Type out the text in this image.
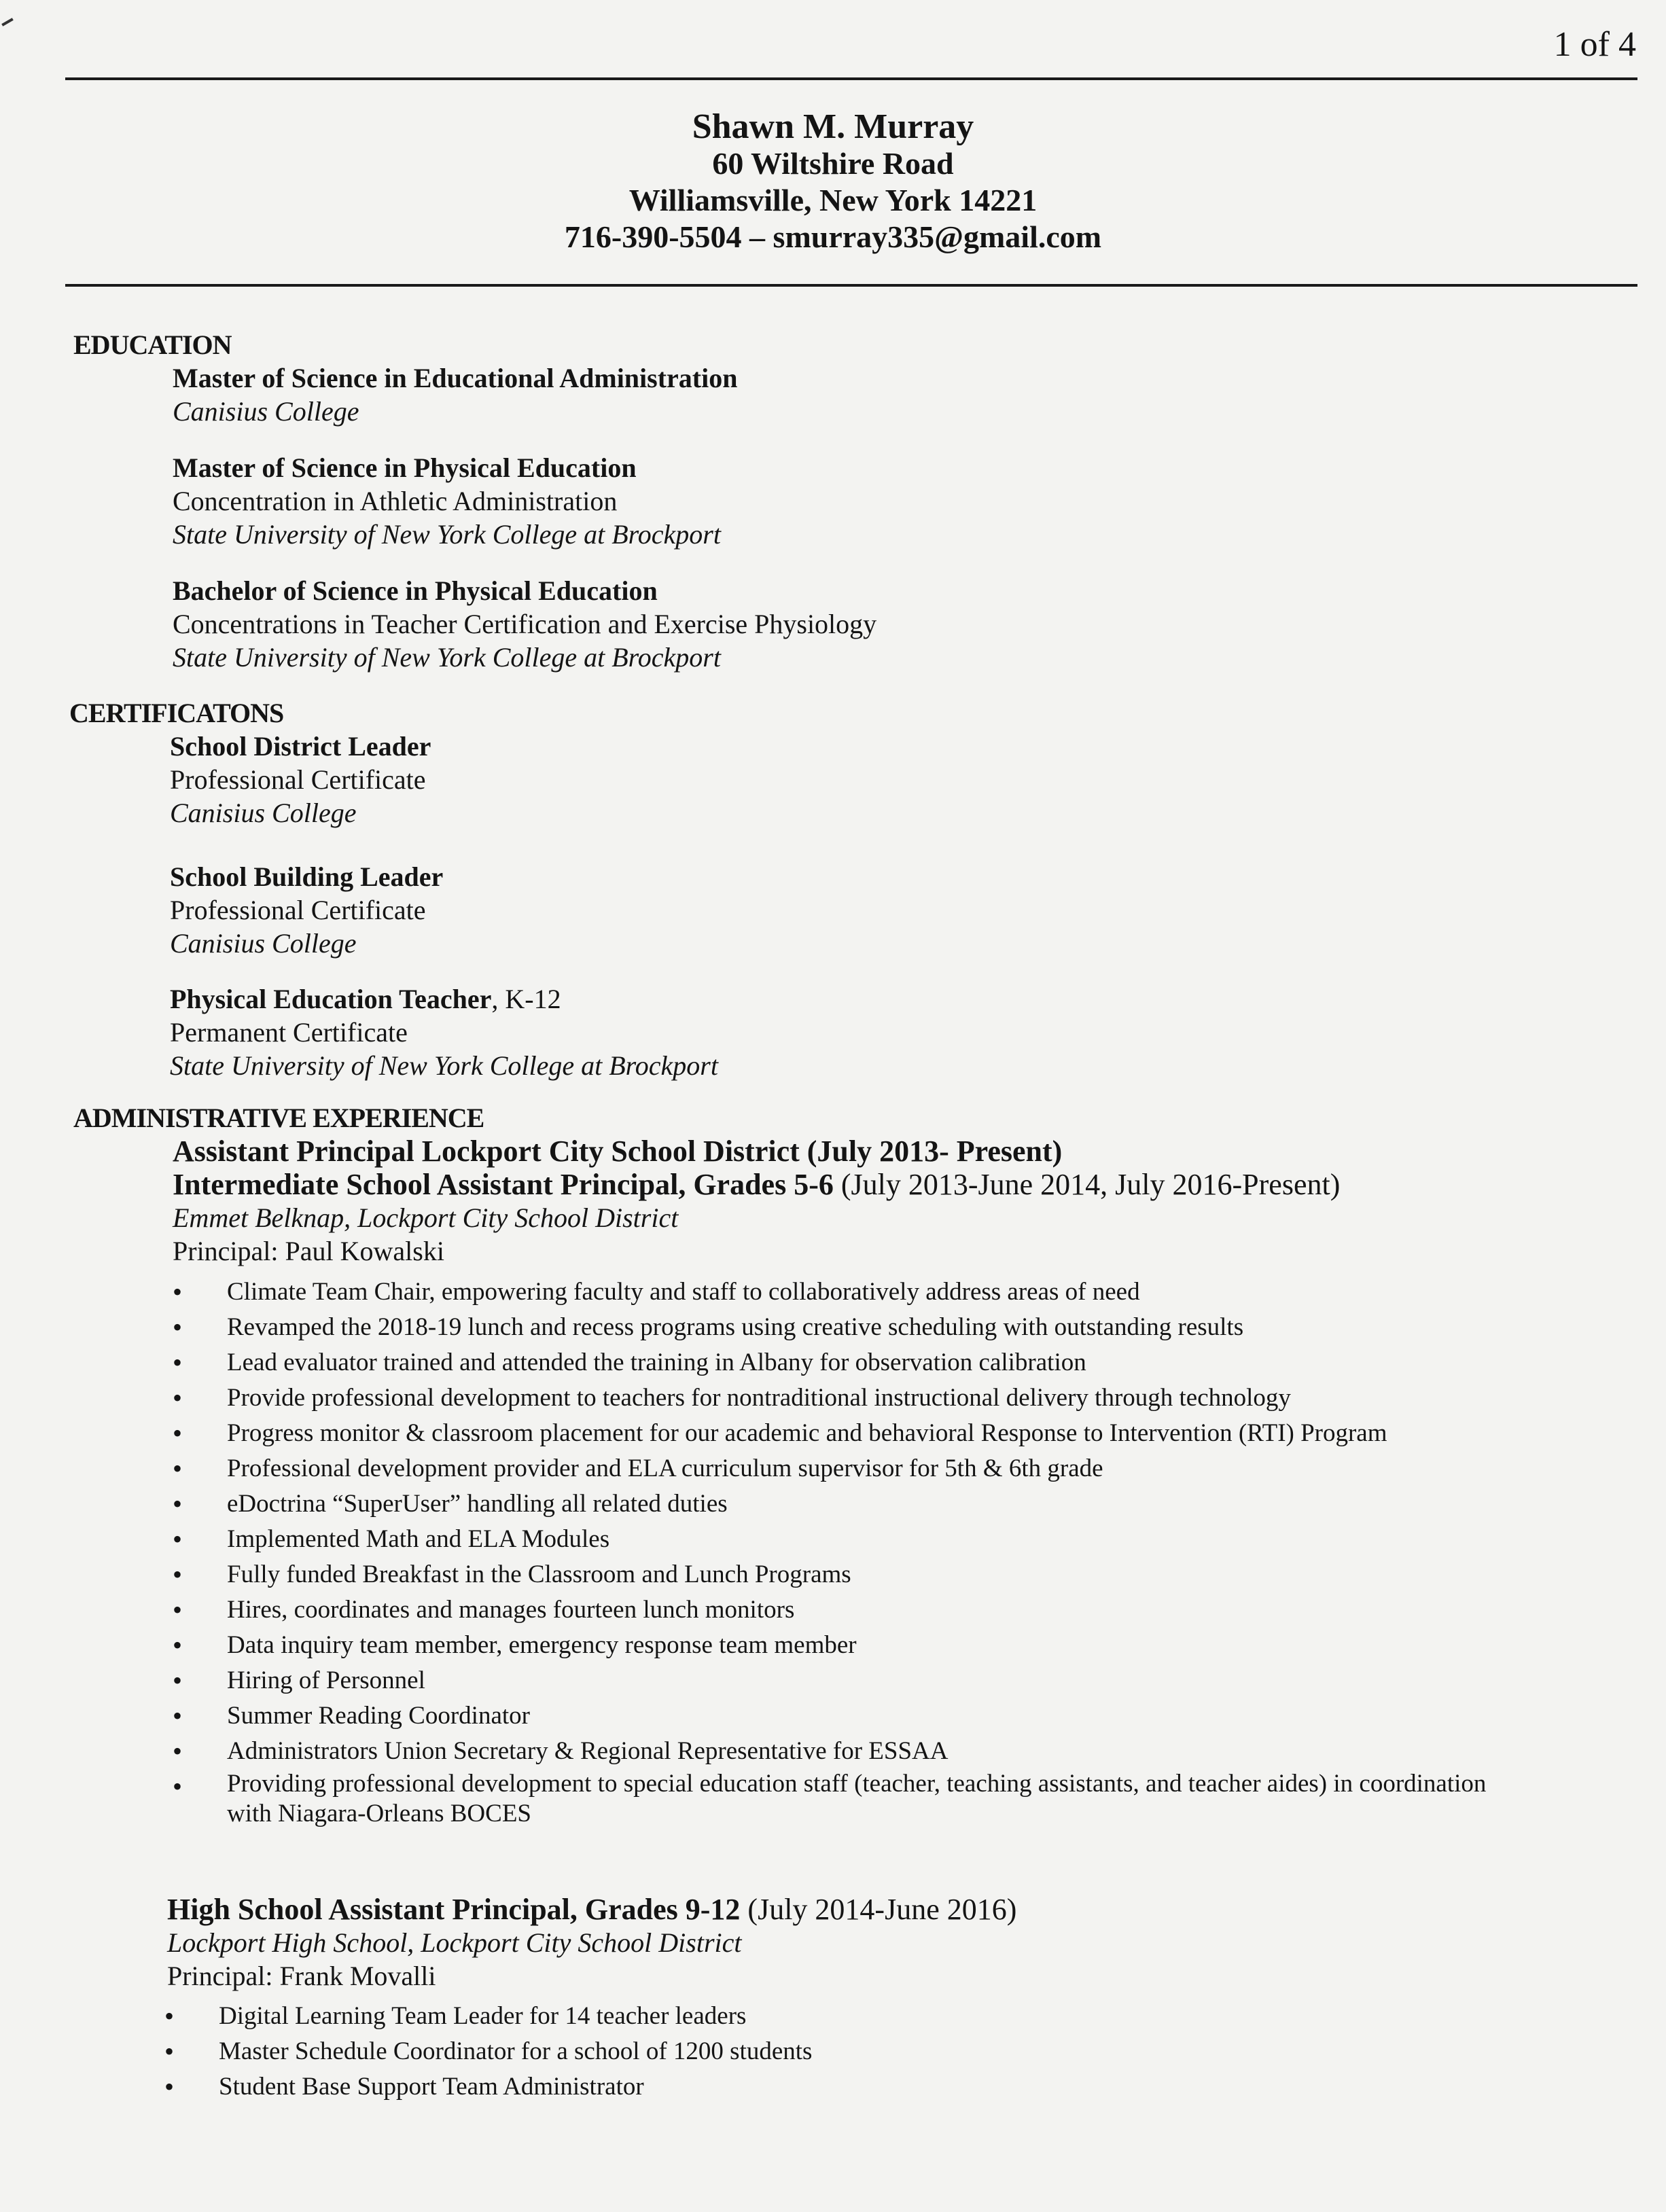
1 of 4
Shawn M. Murray
60 Wiltshire Road
Williamsville, New York 14221
716-390-5504 – smurray335@gmail.com
EDUCATION
Master of Science in Educational Administration
Canisius College
Master of Science in Physical Education
Concentration in Athletic Administration
State University of New York College at Brockport
Bachelor of Science in Physical Education
Concentrations in Teacher Certification and Exercise Physiology
State University of New York College at Brockport
CERTIFICATONS
School District Leader
Professional Certificate
Canisius College
School Building Leader
Professional Certificate
Canisius College
Physical Education Teacher, K-12
Permanent Certificate
State University of New York College at Brockport
ADMINISTRATIVE EXPERIENCE
Assistant Principal Lockport City School District (July 2013- Present)
Intermediate School Assistant Principal, Grades 5-6 (July 2013-June 2014, July 2016-Present)
Emmet Belknap, Lockport City School District
Principal: Paul Kowalski
• Climate Team Chair, empowering faculty and staff to collaboratively address areas of need
• Revamped the 2018-19 lunch and recess programs using creative scheduling with outstanding results
• Lead evaluator trained and attended the training in Albany for observation calibration
• Provide professional development to teachers for nontraditional instructional delivery through technology
• Progress monitor & classroom placement for our academic and behavioral Response to Intervention (RTI) Program
• Professional development provider and ELA curriculum supervisor for 5th & 6th grade
• eDoctrina “SuperUser” handling all related duties
• Implemented Math and ELA Modules
• Fully funded Breakfast in the Classroom and Lunch Programs
• Hires, coordinates and manages fourteen lunch monitors
• Data inquiry team member, emergency response team member
• Hiring of Personnel
• Summer Reading Coordinator
• Administrators Union Secretary & Regional Representative for ESSAA
• Providing professional development to special education staff (teacher, teaching assistants, and teacher aides) in coordination
with Niagara-Orleans BOCES
High School Assistant Principal, Grades 9-12 (July 2014-June 2016)
Lockport High School, Lockport City School District
Principal: Frank Movalli
• Digital Learning Team Leader for 14 teacher leaders
• Master Schedule Coordinator for a school of 1200 students
• Student Base Support Team Administrator
